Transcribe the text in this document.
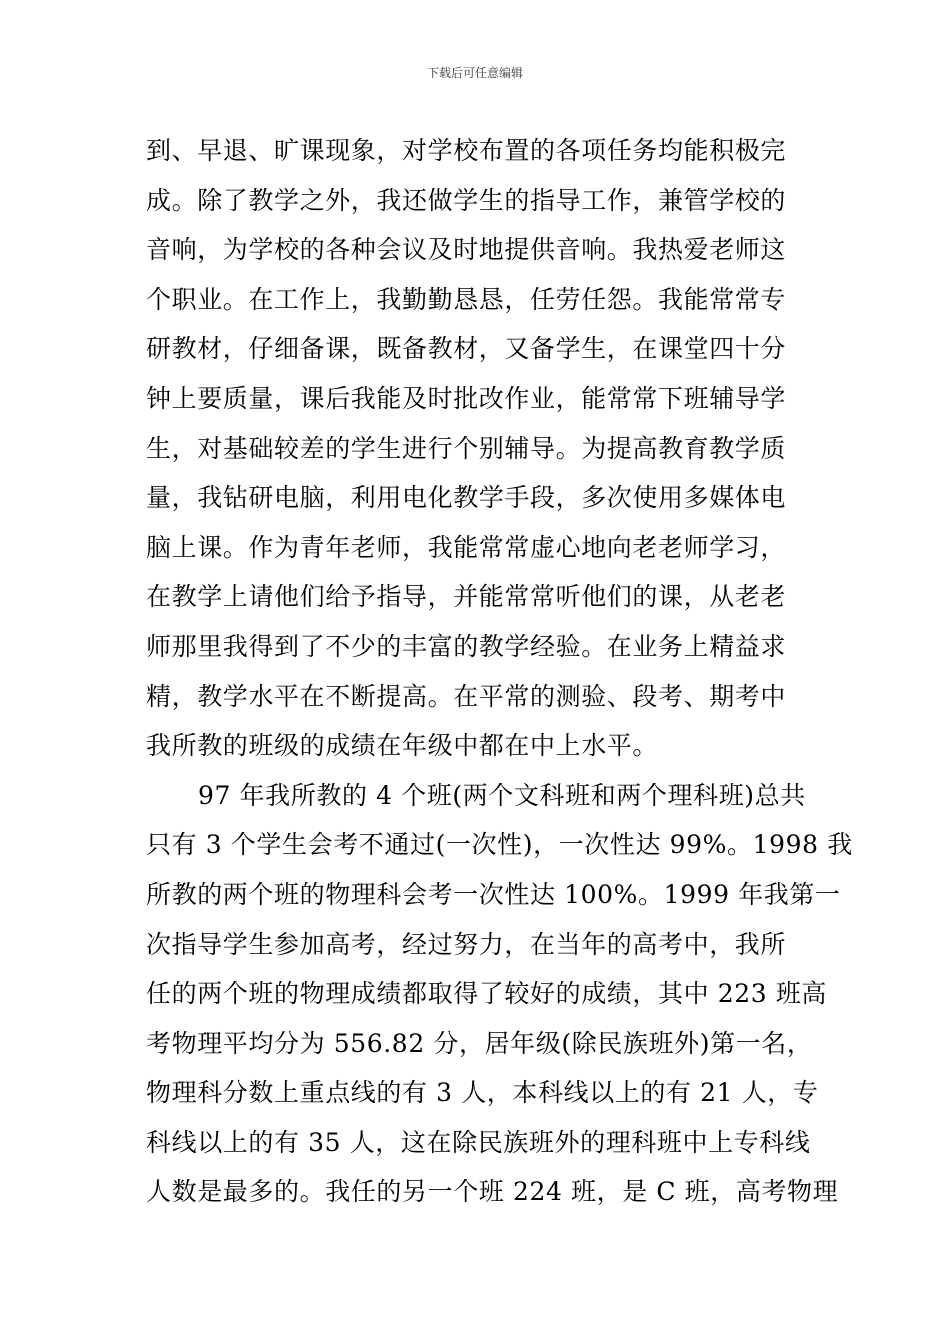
下载后可任意编辑
到、早退、旷课现象，对学校布置的各项任务均能积极完
成。除了教学之外，我还做学生的指导工作，兼管学校的
音响，为学校的各种会议及时地提供音响。我热爱老师这
个职业。在工作上，我勤勤恳恳，任劳任怨。我能常常专
研教材，仔细备课，既备教材，又备学生，在课堂四十分
钟上要质量，课后我能及时批改作业，能常常下班辅导学
生，对基础较差的学生进行个别辅导。为提高教育教学质
量，我钻研电脑，利用电化教学手段，多次使用多媒体电
脑上课。作为青年老师，我能常常虚心地向老老师学习，
在教学上请他们给予指导，并能常常听他们的课，从老老
师那里我得到了不少的丰富的教学经验。在业务上精益求
精，教学水平在不断提高。在平常的测验、段考、期考中
我所教的班级的成绩在年级中都在中上水平。
97 年我所教的 4 个班(两个文科班和两个理科班)总共
只有 3 个学生会考不通过(一次性)，一次性达 99%。1998 我
所教的两个班的物理科会考一次性达 100%。1999 年我第一
次指导学生参加高考，经过努力，在当年的高考中，我所
任的两个班的物理成绩都取得了较好的成绩，其中 223 班高
考物理平均分为 556.82 分，居年级(除民族班外)第一名，
物理科分数上重点线的有 3 人，本科线以上的有 21 人，专
科线以上的有 35 人，这在除民族班外的理科班中上专科线
人数是最多的。我任的另一个班 224 班，是 C 班，高考物理
